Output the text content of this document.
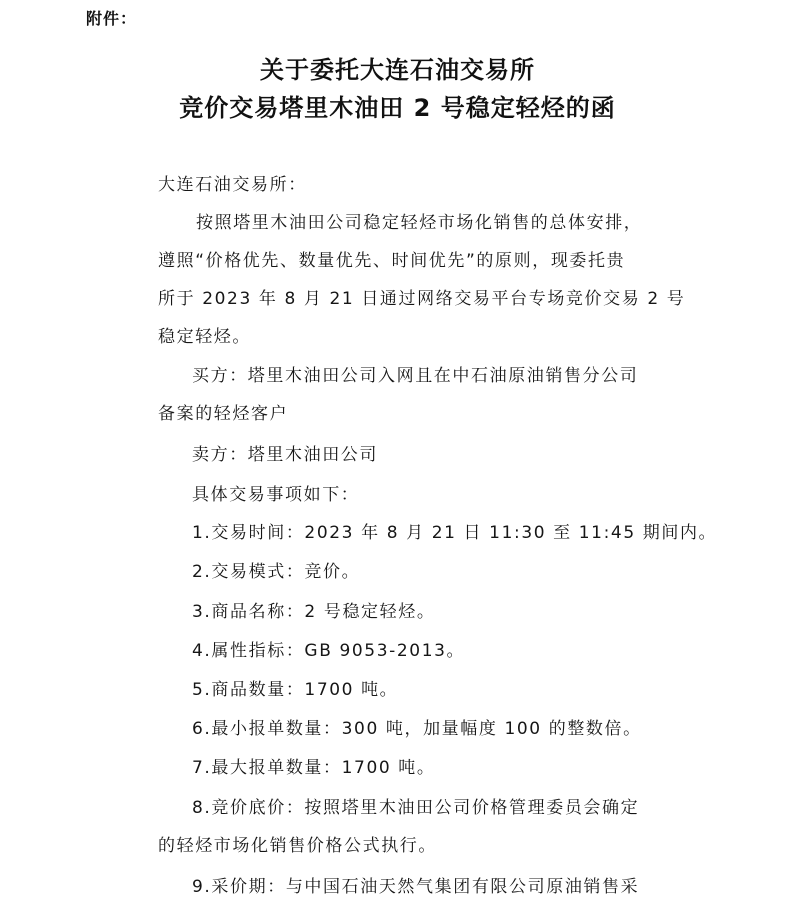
附件：
关于委托大连石油交易所
竞价交易塔里木油田 2 号稳定轻烃的函
大连石油交易所：
按照塔里木油田公司稳定轻烃市场化销售的总体安排，
遵照“价格优先、数量优先、时间优先”的原则，现委托贵
所于 2023 年 8 月 21 日通过网络交易平台专场竞价交易 2 号
稳定轻烃。
买方：塔里木油田公司入网且在中石油原油销售分公司
备案的轻烃客户
卖方：塔里木油田公司
具体交易事项如下：
1.交易时间：2023 年 8 月 21 日 11:30 至 11:45 期间内。
2.交易模式：竞价。
3.商品名称：2 号稳定轻烃。
4.属性指标：GB 9053-2013。
5.商品数量：1700 吨。
6.最小报单数量：300 吨，加量幅度 100 的整数倍。
7.最大报单数量：1700 吨。
8.竞价底价：按照塔里木油田公司价格管理委员会确定
的轻烃市场化销售价格公式执行。
9.采价期：与中国石油天然气集团有限公司原油销售采
